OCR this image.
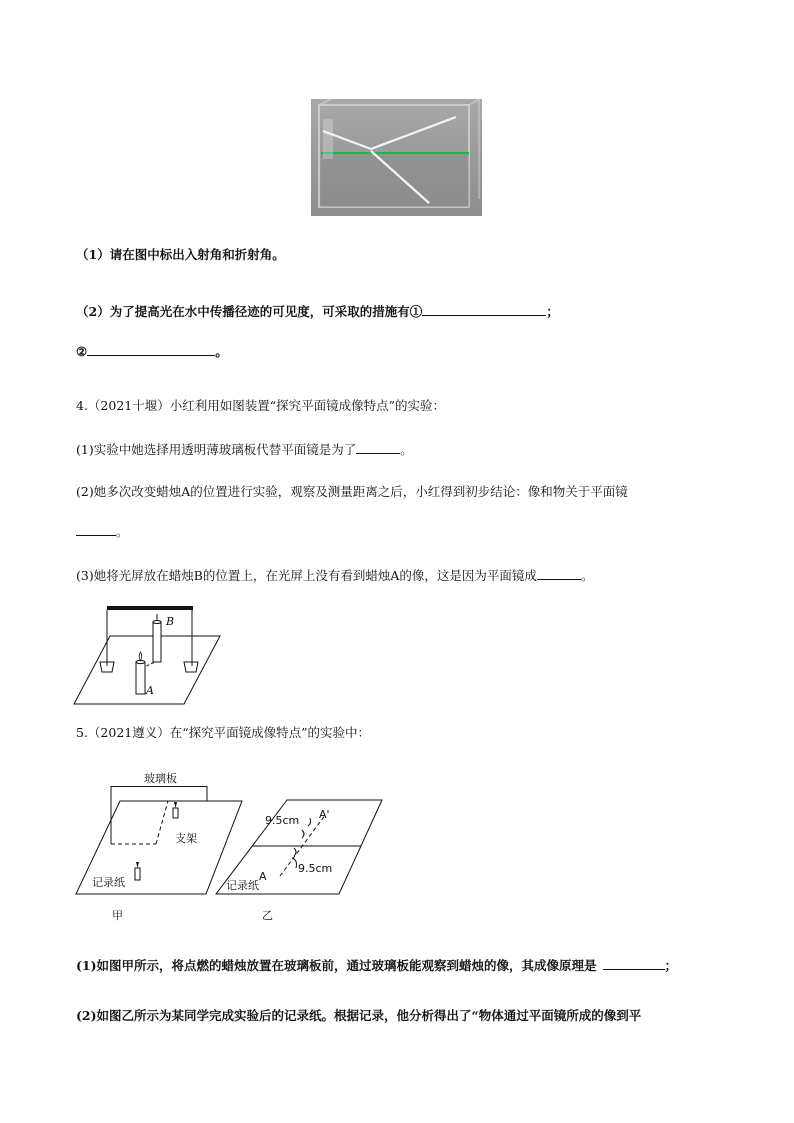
（1）请在图中标出入射角和折射角。
（2）为了提高光在水中传播径迹的可见度，可采取的措施有①	；
②	。
4.（2021十堰）小红利用如图装置“探究平面镜成像特点”的实验：
(1)实验中她选择用透明薄玻璃板代替平面镜是为了	。
(2)她多次改变蜡烛A的位置进行实验，观察及测量距离之后，小红得到初步结论：像和物关于平面镜
。
(3)她将光屏放在蜡烛B的位置上，在光屏上没有看到蜡烛A的像，这是因为平面镜成	。
B
A
5.（2021遵义）在“探究平面镜成像特点”的实验中：
玻璃板
支架
记录纸
甲
9.5cm
9.5cm
A'
A
记录纸
乙
(1)如图甲所示，将点燃的蜡烛放置在玻璃板前，通过玻璃板能观察到蜡烛的像，其成像原理是	；
(2)如图乙所示为某同学完成实验后的记录纸。根据记录，他分析得出了“物体通过平面镜所成的像到平
